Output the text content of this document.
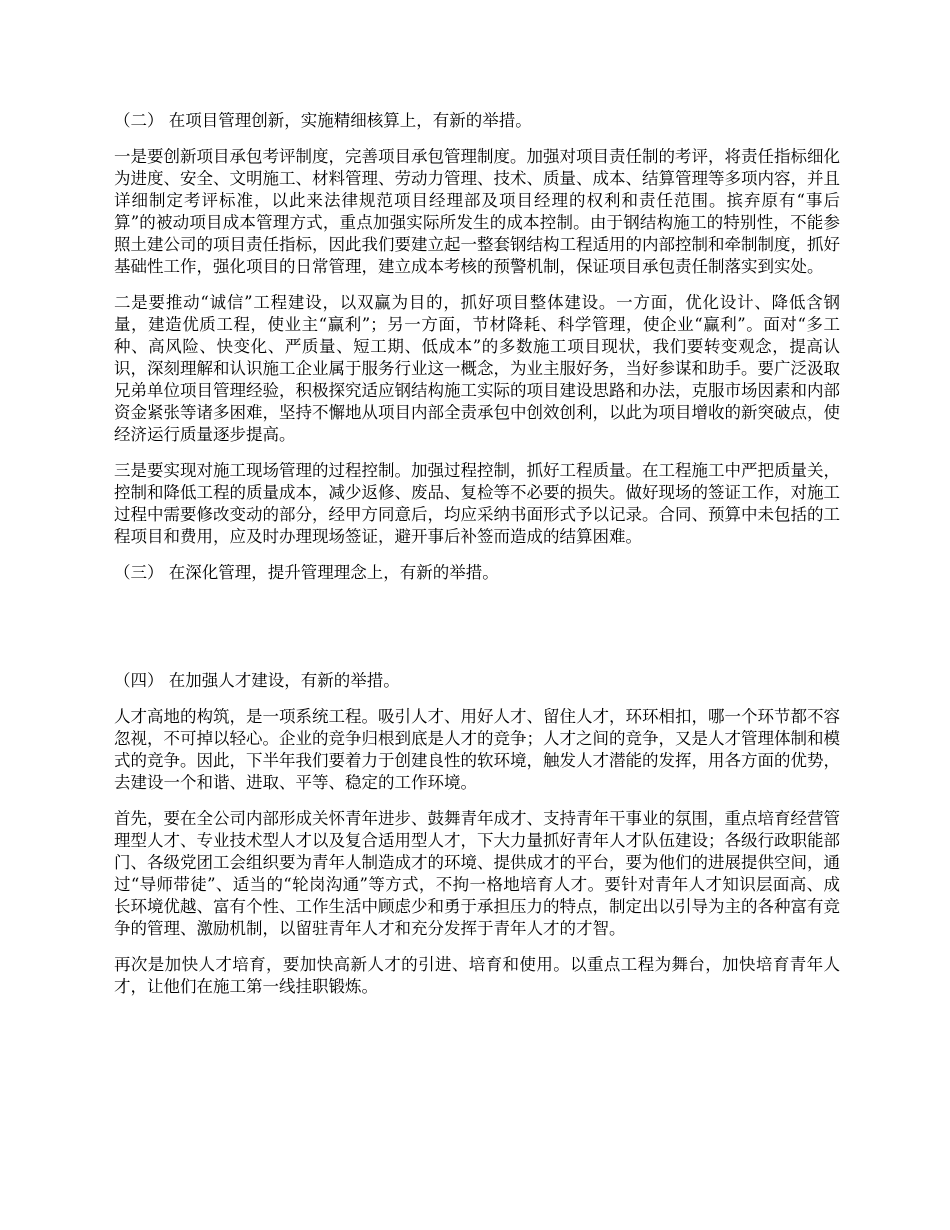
（二） 在项目管理创新，实施精细核算上，有新的举措。
一是要创新项目承包考评制度，完善项目承包管理制度。加强对项目责任制的考评，将责任指标细化为进度、安全、文明施工、材料管理、劳动力管理、技术、质量、成本、结算管理等多项内容，并且详细制定考评标准，以此来法律规范项目经理部及项目经理的权利和责任范围。摈弃原有“事后算”的被动项目成本管理方式，重点加强实际所发生的成本控制。由于钢结构施工的特别性，不能参照土建公司的项目责任指标，因此我们要建立起一整套钢结构工程适用的内部控制和牵制制度，抓好基础性工作，强化项目的日常管理，建立成本考核的预警机制，保证项目承包责任制落实到实处。
二是要推动“诚信”工程建设，以双赢为目的，抓好项目整体建设。一方面，优化设计、降低含钢量，建造优质工程，使业主“赢利”；另一方面，节材降耗、科学管理，使企业“赢利”。面对“多工种、高风险、快变化、严质量、短工期、低成本”的多数施工项目现状，我们要转变观念，提高认识，深刻理解和认识施工企业属于服务行业这一概念，为业主服好务，当好参谋和助手。要广泛汲取兄弟单位项目管理经验，积极探究适应钢结构施工实际的项目建设思路和办法，克服市场因素和内部资金紧张等诸多困难，坚持不懈地从项目内部全责承包中创效创利，以此为项目增收的新突破点，使经济运行质量逐步提高。
三是要实现对施工现场管理的过程控制。加强过程控制，抓好工程质量。在工程施工中严把质量关，控制和降低工程的质量成本，减少返修、废品、复检等不必要的损失。做好现场的签证工作，对施工过程中需要修改变动的部分，经甲方同意后，均应采纳书面形式予以记录。合同、预算中未包括的工程项目和费用，应及时办理现场签证，避开事后补签而造成的结算困难。
（三） 在深化管理，提升管理理念上，有新的举措。
（四） 在加强人才建设，有新的举措。
人才高地的构筑，是一项系统工程。吸引人才、用好人才、留住人才，环环相扣，哪一个环节都不容忽视，不可掉以轻心。企业的竞争归根到底是人才的竞争；人才之间的竞争，又是人才管理体制和模式的竞争。因此，下半年我们要着力于创建良性的软环境，触发人才潜能的发挥，用各方面的优势，去建设一个和谐、进取、平等、稳定的工作环境。
首先，要在全公司内部形成关怀青年进步、鼓舞青年成才、支持青年干事业的氛围，重点培育经营管理型人才、专业技术型人才以及复合适用型人才，下大力量抓好青年人才队伍建设；各级行政职能部门、各级党团工会组织要为青年人制造成才的环境、提供成才的平台，要为他们的进展提供空间，通过“导师带徒”、适当的“轮岗沟通”等方式，不拘一格地培育人才。要针对青年人才知识层面高、成长环境优越、富有个性、工作生活中顾虑少和勇于承担压力的特点，制定出以引导为主的各种富有竞争的管理、激励机制，以留驻青年人才和充分发挥于青年人才的才智。
再次是加快人才培育，要加快高新人才的引进、培育和使用。以重点工程为舞台，加快培育青年人才，让他们在施工第一线挂职锻炼。
